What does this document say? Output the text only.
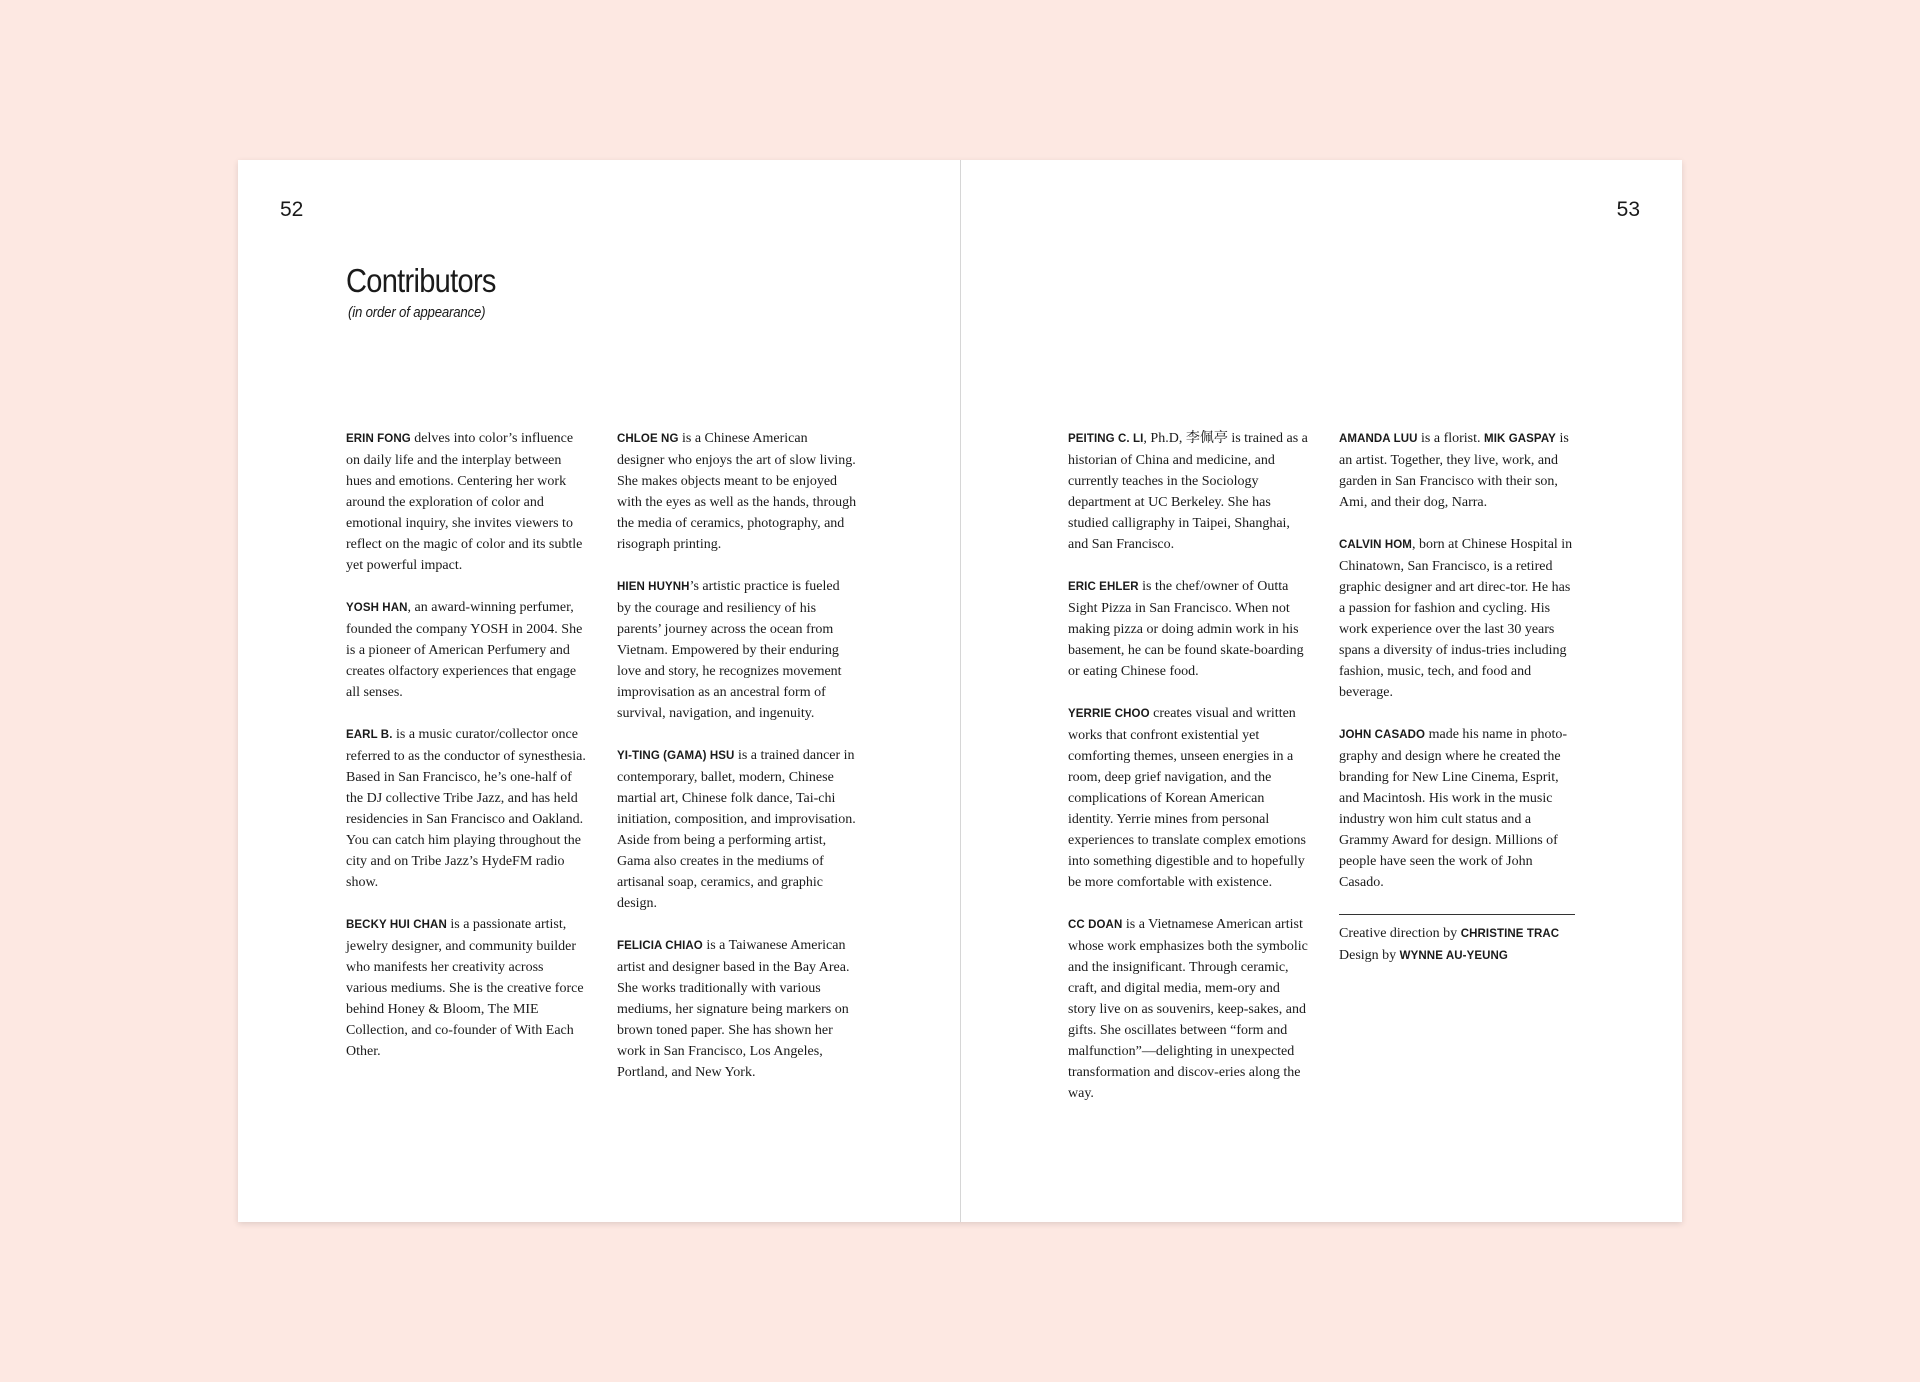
52	53
Contributors
(in order of appearance)

ERIN FONG delves into color’s influence on daily life and the interplay between hues and emotions. Centering her work around the exploration of color and emotional inquiry, she invites viewers to reflect on the magic of color and its subtle yet powerful impact.

YOSH HAN, an award-winning perfumer, founded the company YOSH in 2004. She is a pioneer of American Perfumery and creates olfactory experiences that engage all senses.

EARL B. is a music curator/collector once referred to as the conductor of synesthesia. Based in San Francisco, he’s one-half of the DJ collective Tribe Jazz, and has held residencies in San Francisco and Oakland. You can catch him playing throughout the city and on Tribe Jazz’s HydeFM radio show.

BECKY HUI CHAN is a passionate artist, jewelry designer, and community builder who manifests her creativity across various mediums. She is the creative force behind Honey & Bloom, The MIE Collection, and co-founder of With Each Other.

CHLOE NG is a Chinese American designer who enjoys the art of slow living. She makes objects meant to be enjoyed with the eyes as well as the hands, through the media of ceramics, photography, and risograph printing.

HIEN HUYNH’s artistic practice is fueled by the courage and resiliency of his parents’ journey across the ocean from Vietnam. Empowered by their enduring love and story, he recognizes movement improvisation as an ancestral form of survival, navigation, and ingenuity.

YI-TING (GAMA) HSU is a trained dancer in contemporary, ballet, modern, Chinese martial art, Chinese folk dance, Tai-chi initiation, composition, and improvisation. Aside from being a performing artist, Gama also creates in the mediums of artisanal soap, ceramics, and graphic design.

FELICIA CHIAO is a Taiwanese American artist and designer based in the Bay Area. She works traditionally with various mediums, her signature being markers on brown toned paper. She has shown her work in San Francisco, Los Angeles, Portland, and New York.

PEITING C. LI, Ph.D, 李佩亭 is trained as a historian of China and medicine, and currently teaches in the Sociology department at UC Berkeley. She has studied calligraphy in Taipei, Shanghai, and San Francisco.

ERIC EHLER is the chef/owner of Outta Sight Pizza in San Francisco. When not making pizza or doing admin work in his basement, he can be found skate-boarding or eating Chinese food.

YERRIE CHOO creates visual and written works that confront existential yet comforting themes, unseen energies in a room, deep grief navigation, and the complications of Korean American identity. Yerrie mines from personal experiences to translate complex emotions into something digestible and to hopefully be more comfortable with existence.

CC DOAN is a Vietnamese American artist whose work emphasizes both the symbolic and the insignificant. Through ceramic, craft, and digital media, mem-ory and story live on as souvenirs, keep-sakes, and gifts. She oscillates between “form and malfunction”—delighting in unexpected transformation and discov-eries along the way.

AMANDA LUU is a florist. MIK GASPAY is an artist. Together, they live, work, and garden in San Francisco with their son, Ami, and their dog, Narra.

CALVIN HOM, born at Chinese Hospital in Chinatown, San Francisco, is a retired graphic designer and art direc-tor. He has a passion for fashion and cycling. His work experience over the last 30 years spans a diversity of indus-tries including fashion, music, tech, and food and beverage.

JOHN CASADO made his name in photo-graphy and design where he created the branding for New Line Cinema, Esprit, and Macintosh. His work in the music industry won him cult status and a Grammy Award for design. Millions of people have seen the work of John Casado.

Creative direction by CHRISTINE TRAC

Design by WYNNE AU-YEUNG
